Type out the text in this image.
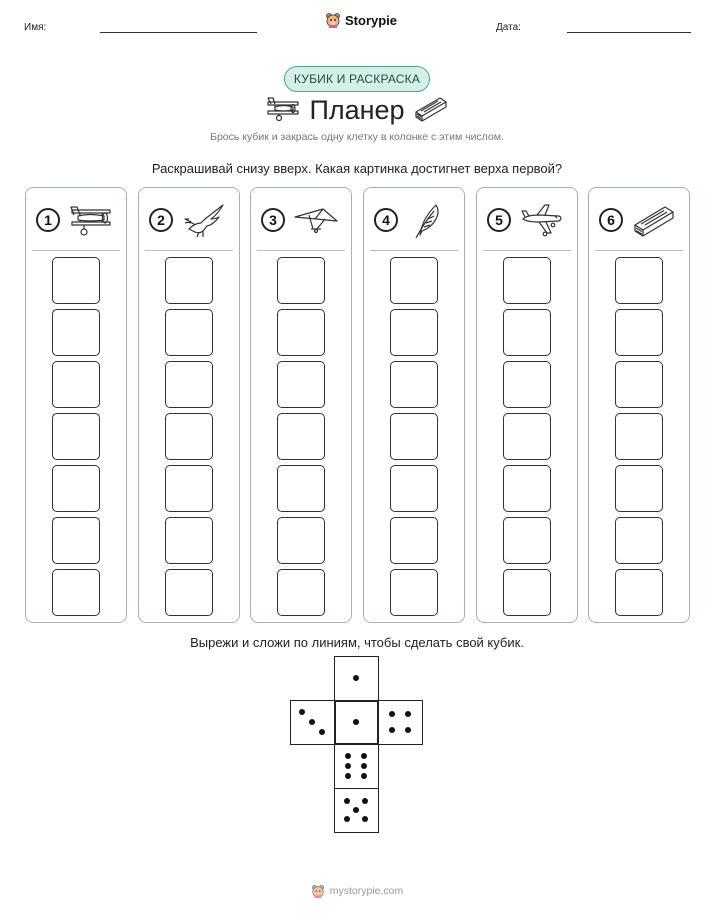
Имя:	Storypie	Дата:
КУБИК И РАСКРАСКА
Планер
Брось кубик и закрась одну клетку в колонке с этим числом.
Раскрашивай снизу вверх. Какая картинка достигнет верха первой?
1	2	3	4	5	6
Вырежи и сложи по линиям, чтобы сделать свой кубик.
mystorypie.com
